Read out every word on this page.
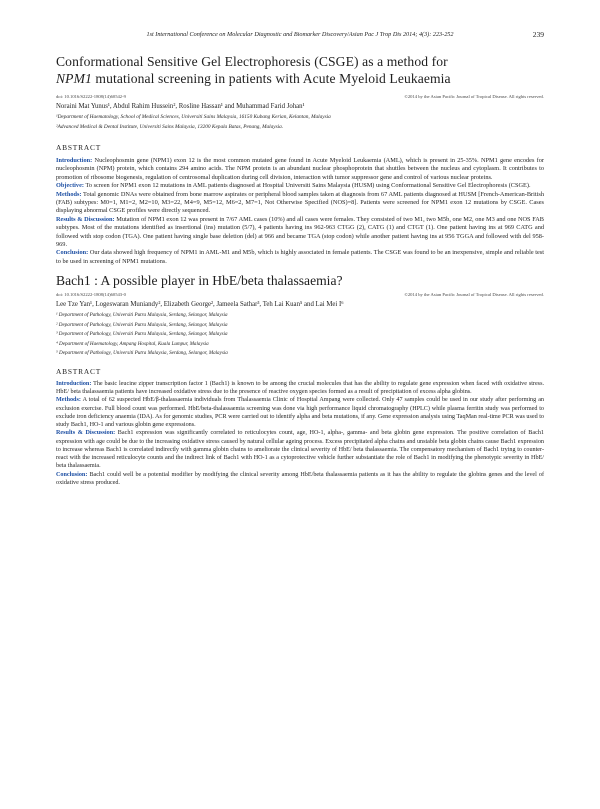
1st International Conference on Molecular Diagnostic and Biomarker Discovery/Asian Pac J Trop Dis 2014; 4(3): 223-252	239
Conformational Sensitive Gel Electrophoresis (CSGE) as a method for
NPM1 mutational screening in patients with Acute Myeloid Leukaemia
doi: 10.1016/S2222-1808(14)60542-9	©2014 by the Asian Pacific Journal of Tropical Disease. All rights reserved.
Noraini Mat Yunus¹, Abdul Rahim Hussein², Rosline Hassan¹ and Muhammad Farid Johan¹
¹Department of Haematology, School of Medical Sciences, Universiti Sains Malaysia, 16150 Kubang Kerian, Kelantan, Malaysia
²Advanced Medical & Dental Institute, Universiti Sains Malaysia, 13200 Kepala Batas, Penang, Malaysia.
ABSTRACT
Introduction: Nucleophosmin gene (NPM1) exon 12 is the most common mutated gene found in Acute Myeloid Leukaemia (AML), which is present in 25-35%. NPM1 gene encodes for nucleophosmin (NPM) protein, which contains 294 amino acids. The NPM protein is an abundant nuclear phosphoprotein that shuttles between the nucleus and cytoplasm. It contributes to promotion of ribosome biogenesis, regulation of centrosomal duplication during cell division, interaction with tumor suppressor gene and control of various nuclear proteins.
Objective: To screen for NPM1 exon 12 mutations in AML patients diagnosed at Hospital Universiti Sains Malaysia (HUSM) using Conformational Sensitive Gel Electrophoresis (CSGE).
Methods: Total genomic DNAs were obtained from bone marrow aspirates or peripheral blood samples taken at diagnosis from 67 AML patients diagnosed at HUSM [French-American-British (FAB) subtypes: M0=1, M1=2, M2=10, M3=22, M4=9, M5=12, M6=2, M7=1, Not Otherwise Specified (NOS)=8]. Patients were screened for NPM1 exon 12 mutations by CSGE. Cases displaying abnormal CSGE profiles were directly sequenced.
Results & Discussion: Mutation of NPM1 exon 12 was present in 7/67 AML cases (10%) and all cases were females. They consisted of two M1, two M5b, one M2, one M3 and one NOS FAB subtypes. Most of the mutations identified as insertional (ins) mutation (5/7), 4 patients having ins 962-963 CTGG (2), CATG (1) and CTGT (1). One patient having ins at 969 CATG and followed with stop codon (TGA). One patient having single base deletion (del) at 966 and became TGA (stop codon) while another patient having ins at 956 TGGA and followed with del 958-969.
Conclusion: Our data showed high frequency of NPM1 in AML-M1 and M5b, which is highly associated in female patients. The CSGE was found to be an inexpensive, simple and reliable test to be used in screening of NPM1 mutations.
Bach1 : A possible player in HbE/beta thalassaemia?
doi: 10.1016/S2222-1808(14)60543-0	©2014 by the Asian Pacific Journal of Tropical Disease. All rights reserved.
Lee Tze Yan¹, Logeswaran Muniandy², Elizabeth George², Jameela Sathar³, Teh Lai Kuan⁵ and Lai Mei I⁶
¹ Department of Pathology, Universiti Putra Malaysia, Serdang, Selangor, Malaysia
² Department of Pathology, Universiti Putra Malaysia, Serdang, Selangor, Malaysia
³ Department of Pathology, Universiti Putra Malaysia, Serdang, Selangor, Malaysia
⁴ Department of Haematology, Ampang Hospital, Kuala Lumpur, Malaysia
⁵ Department of Pathology, Universiti Putra Malaysia, Serdang, Selangor, Malaysia
ABSTRACT
Introduction: The basic leucine zipper transcription factor 1 (Bach1) is known to be among the crucial molecules that has the ability to regulate gene expression when faced with oxidative stress. HbE/ beta thalassaemia patients have increased oxidative stress due to the presence of reactive oxygen species formed as a result of precipitation of excess alpha globins.
Methods: A total of 62 suspected HbE/β-thalassaemia individuals from Thalassaemia Clinic of Hospital Ampang were collected. Only 47 samples could be used in our study after performing an exclusion exercise. Full blood count was performed. HbE/beta-thalassaemia screening was done via high performance liquid chromatography (HPLC) while plasma ferritin study was performed to exclude iron deficiency anaemia (IDA). As for genomic studies, PCR were carried out to identify alpha and beta mutations, if any. Gene expression analysis using TaqMan real-time PCR was used to study Bach1, HO-1 and various globin gene expressions.
Results & Discussion: Bach1 expression was significantly correlated to reticulocytes count, age, HO-1, alpha-, gamma- and beta globin gene expression. The positive correlation of Bach1 expression with age could be due to the increasing oxidative stress caused by natural cellular ageing process. Excess precipitated alpha chains and unstable beta globin chains cause Bach1 expression to increase whereas Bach1 is correlated indirectly with gamma globin chains to ameliorate the clinical severity of HbE/ beta thalassaemia. The compensatory mechanism of Bach1 trying to counter-react with the increased reticulocyte counts and the indirect link of Bach1 with HO-1 as a cytoprotective vehicle further substantiate the role of Bach1 in modifying the phenotypic severity in HbE/ beta thalassaemia.
Conclusion: Bach1 could well be a potential modifier by modifying the clinical severity among HbE/beta thalassaemia patients as it has the ability to regulate the globins genes and the level of oxidative stress produced.
